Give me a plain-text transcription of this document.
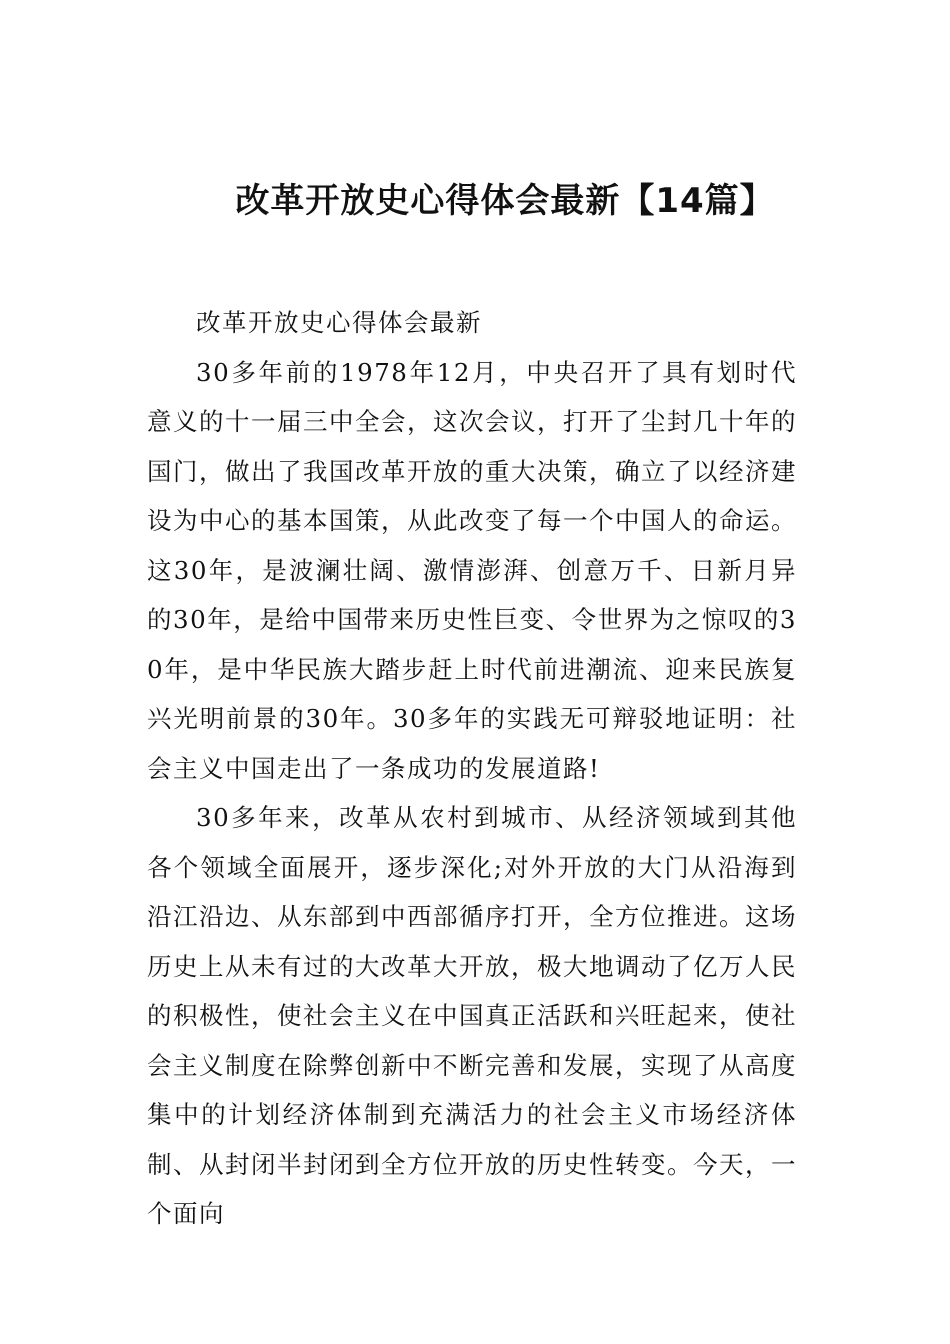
改革开放史心得体会最新【14篇】

改革开放史心得体会最新

30多年前的1978年12月，中央召开了具有划时代意义的十一届三中全会，这次会议，打开了尘封几十年的国门，做出了我国改革开放的重大决策，确立了以经济建设为中心的基本国策，从此改变了每一个中国人的命运。这30年，是波澜壮阔、激情澎湃、创意万千、日新月异的30年，是给中国带来历史性巨变、令世界为之惊叹的30年，是中华民族大踏步赶上时代前进潮流、迎来民族复兴光明前景的30年。30多年的实践无可辩驳地证明：社会主义中国走出了一条成功的发展道路!

30多年来，改革从农村到城市、从经济领域到其他各个领域全面展开，逐步深化;对外开放的大门从沿海到沿江沿边、从东部到中西部循序打开，全方位推进。这场历史上从未有过的大改革大开放，极大地调动了亿万人民的积极性，使社会主义在中国真正活跃和兴旺起来，使社会主义制度在除弊创新中不断完善和发展，实现了从高度集中的计划经济体制到充满活力的社会主义市场经济体制、从封闭半封闭到全方位开放的历史性转变。今天，一个面向
